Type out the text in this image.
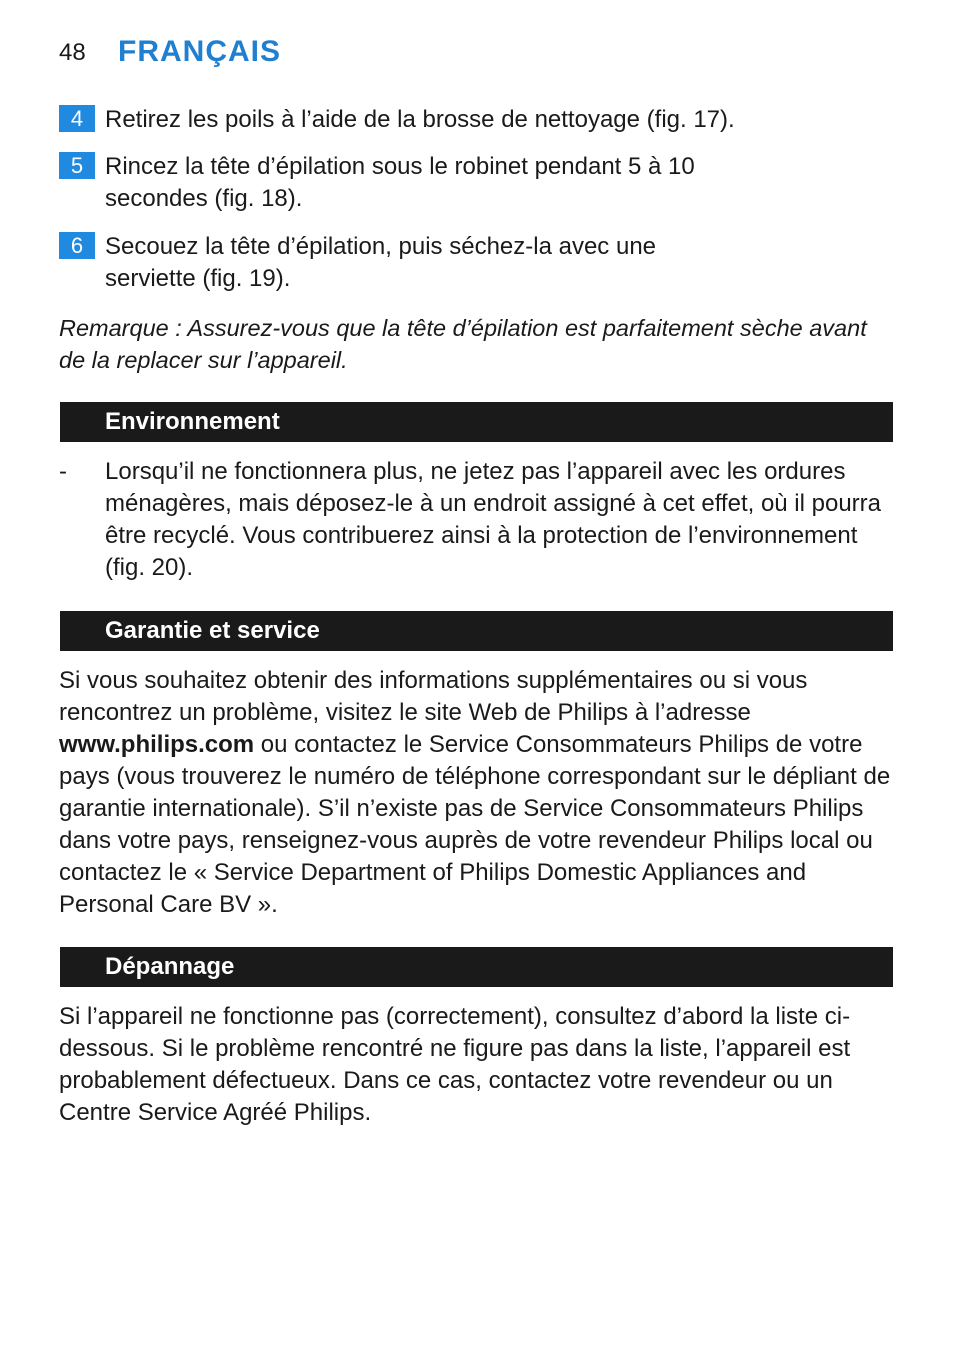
48 FRANÇAIS
4 Retirez les poils à l’aide de la brosse de nettoyage (fig. 17).
5 Rincez la tête d’épilation sous le robinet pendant 5 à 10 secondes (fig. 18).
6 Secouez la tête d’épilation, puis séchez-la avec une serviette (fig. 19).
Remarque : Assurez-vous que la tête d’épilation est parfaitement sèche avant de la replacer sur l’appareil.
Environnement
- Lorsqu’il ne fonctionnera plus, ne jetez pas l’appareil avec les ordures ménagères, mais déposez-le à un endroit assigné à cet effet, où il pourra être recyclé. Vous contribuerez ainsi à la protection de l’environnement (fig. 20).
Garantie et service
Si vous souhaitez obtenir des informations supplémentaires ou si vous rencontrez un problème, visitez le site Web de Philips à l’adresse www.philips.com ou contactez le Service Consommateurs Philips de votre pays (vous trouverez le numéro de téléphone correspondant sur le dépliant de garantie internationale). S’il n’existe pas de Service Consommateurs Philips dans votre pays, renseignez-vous auprès de votre revendeur Philips local ou contactez le « Service Department of Philips Domestic Appliances and Personal Care BV ».
Dépannage
Si l’appareil ne fonctionne pas (correctement), consultez d’abord la liste ci-dessous. Si le problème rencontré ne figure pas dans la liste, l’appareil est probablement défectueux. Dans ce cas, contactez votre revendeur ou un Centre Service Agréé Philips.
